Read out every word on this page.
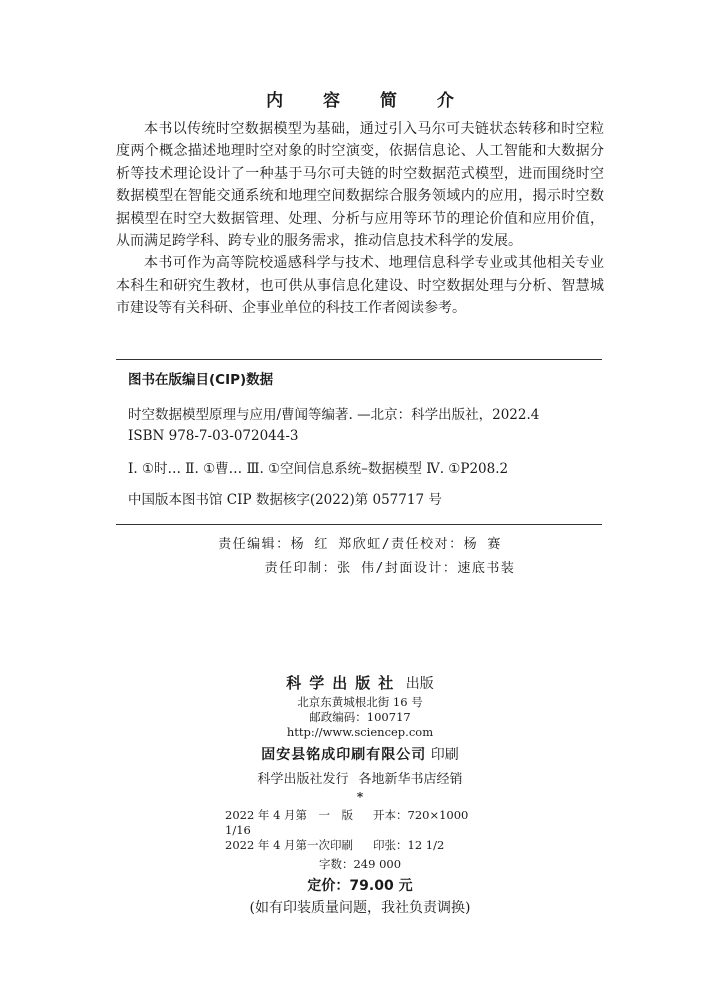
内 容 简 介

本书以传统时空数据模型为基础，通过引入马尔可夫链状态转移和时空粒度两个概念描述地理时空对象的时空演变，依据信息论、人工智能和大数据分析等技术理论设计了一种基于马尔可夫链的时空数据范式模型，进而围绕时空数据模型在智能交通系统和地理空间数据综合服务领域内的应用，揭示时空数据模型在时空大数据管理、处理、分析与应用等环节的理论价值和应用价值，从而满足跨学科、跨专业的服务需求，推动信息技术科学的发展。

本书可作为高等院校遥感科学与技术、地理信息科学专业或其他相关专业本科生和研究生教材，也可供从事信息化建设、时空数据处理与分析、智慧城市建设等有关科研、企事业单位的科技工作者阅读参考。

图书在版编目(CIP)数据
时空数据模型原理与应用/曹闻等编著. —北京：科学出版社，2022.4
ISBN 978-7-03-072044-3
Ⅰ. ①时… Ⅱ. ①曹… Ⅲ. ①空间信息系统–数据模型 Ⅳ. ①P208.2
中国版本图书馆 CIP 数据核字(2022)第 057717 号
责任编辑：杨 红 郑欣虹/责任校对：杨 赛
责任印制：张 伟/封面设计：速底书装
科学出版社 出版
北京东黄城根北街 16 号
邮政编码：100717
http://www.sciencep.com
固安县铭成印刷有限公司 印刷
科学出版社发行 各地新华书店经销
*
2022 年 4 月第　一　版 开本：720×1000　1/16
2022 年 4 月第一次印刷 印张：12 1/2
字数：249 000
定价：79.00 元
(如有印装质量问题，我社负责调换)
